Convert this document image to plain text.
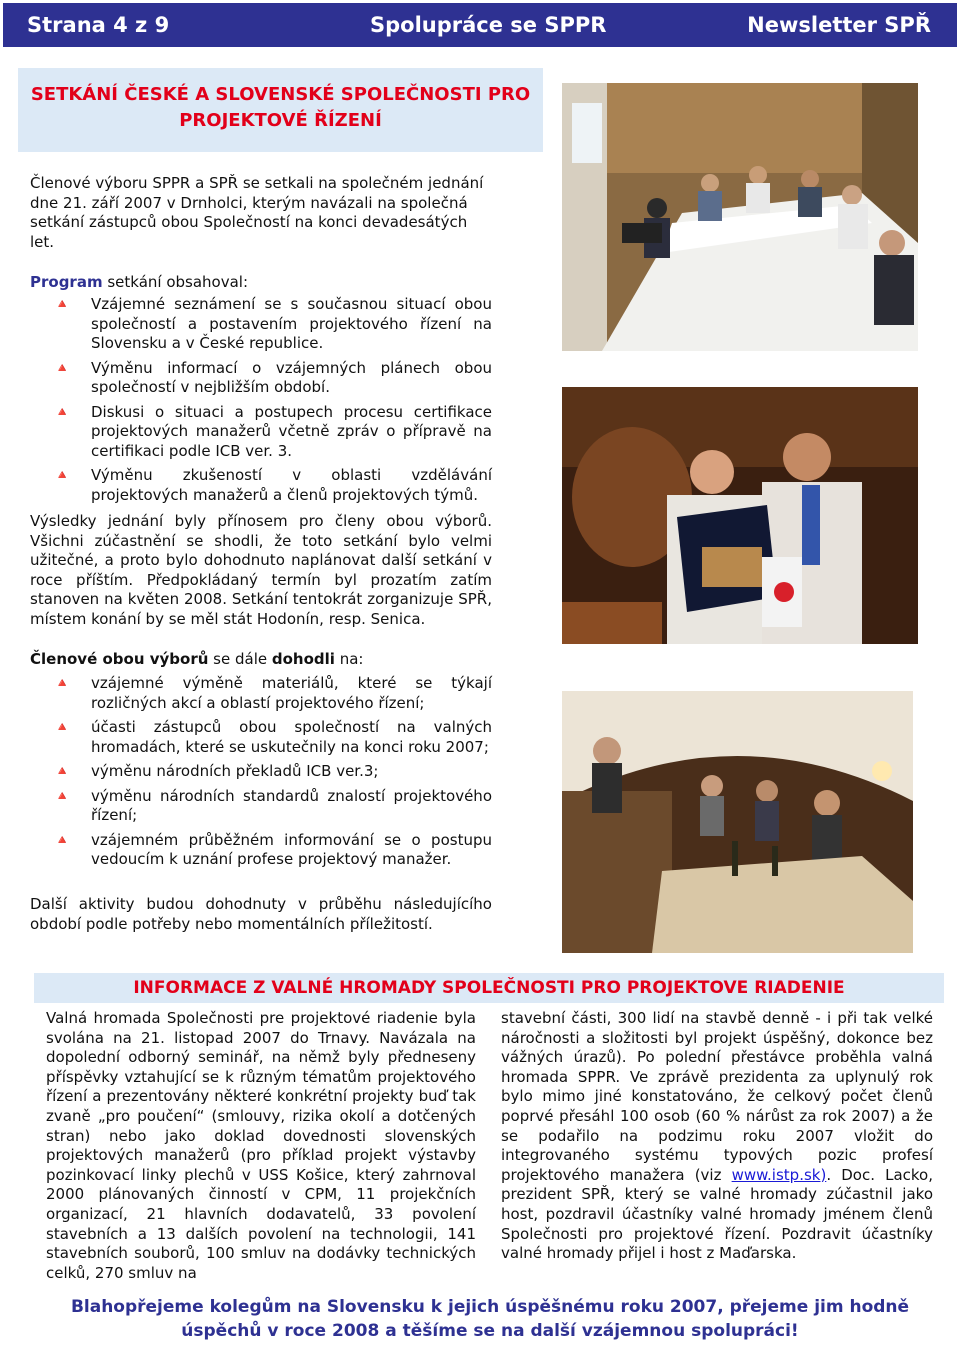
Strana 4 z 9	Spolupráce se SPPR	Newsletter SPŘ
SETKÁNÍ ČESKÉ A SLOVENSKÉ SPOLEČNOSTI PRO PROJEKTOVÉ ŘÍZENÍ
Členové výboru SPPR a SPŘ se setkali na společném jednání dne 21. září 2007 v Drnholci, kterým navázali na společná setkání zástupců obou Společností na konci devadesátých let.
Program setkání obsahoval:
🔺 Vzájemné seznámení se s současnou situací obou společností a postavením projektového řízení na Slovensku a v České republice.
🔺 Výměnu informací o vzájemných plánech obou společností v nejbližším období.
🔺 Diskusi o situaci a postupech procesu certifikace projektových manažerů včetně zpráv o přípravě na certifikaci podle ICB ver. 3.
🔺 Výměnu zkušeností v oblasti vzdělávání projektových manažerů a členů projektových týmů.
Výsledky jednání byly přínosem pro členy obou výborů. Všichni zúčastnění se shodli, že toto setkání bylo velmi užitečné, a proto bylo dohodnuto naplánovat další setkání v roce příštím. Předpokládaný termín byl prozatím zatím stanoven na květen 2008. Setkání tentokrát zorganizuje SPŘ, místem konání by se měl stát Hodonín, resp. Senica.
Členové obou výborů se dále dohodli na:
🔺 vzájemné výměně materiálů, které se týkají rozličných akcí a oblastí projektového řízení;
🔺 účasti zástupců obou společností na valných hromadách, které se uskutečnily na konci roku 2007;
🔺 výměnu národních překladů ICB ver.3;
🔺 výměnu národních standardů znalostí projektového řízení;
🔺 vzájemném průběžném informování se o postupu vedoucím k uznání profese projektový manažer.
Další aktivity budou dohodnuty v průběhu následujícího období podle potřeby nebo momentálních příležitostí.
INFORMACE Z VALNÉ HROMADY SPOLEČNOSTI PRO PROJEKTOVE RIADENIE
Valná hromada Společnosti pre projektové riadenie byla svolána na 21. listopad 2007 do Trnavy. Navázala na dopolední odborný seminář, na němž byly předneseny příspěvky vztahující se k různým tématům projektového řízení a prezentovány některé konkrétní projekty buď tak zvaně „pro poučení“ (smlouvy, rizika okolí a dotčených stran) nebo jako doklad dovednosti slovenských projektových manažerů (pro příklad projekt výstavby pozinkovací linky plechů v USS Košice, který zahrnoval 2000 plánovaných činností v CPM, 11 projekčních organizací, 21 hlavních dodavatelů, 33 povolení stavebních a 13 dalších povolení na technologii, 141 stavebních souborů, 100 smluv na dodávky technických celků, 270 smluv na
stavební části, 300 lidí na stavbě denně - i při tak velké náročnosti a složitosti byl projekt úspěšný, dokonce bez vážných úrazů). Po polední přestávce proběhla valná hromada SPPR. Ve zprávě prezidenta za uplynulý rok bylo mimo jiné konstatováno, že celkový počet členů poprvé přesáhl 100 osob (60 % nárůst za rok 2007) a že se podařilo na podzimu roku 2007 vložit do integrovaného systému typových pozic profesí projektového manažera (viz www.istp.sk). Doc. Lacko, prezident SPŘ, který se valné hromady zúčastnil jako host, pozdravil účastníky valné hromady jménem členů Společnosti pro projektové řízení. Pozdravit účastníky valné hromady přijel i host z Maďarska.
Blahopřejeme kolegům na Slovensku k jejich úspěšnému roku 2007, přejeme jim hodně úspěchů v roce 2008 a těšíme se na další vzájemnou spolupráci!
